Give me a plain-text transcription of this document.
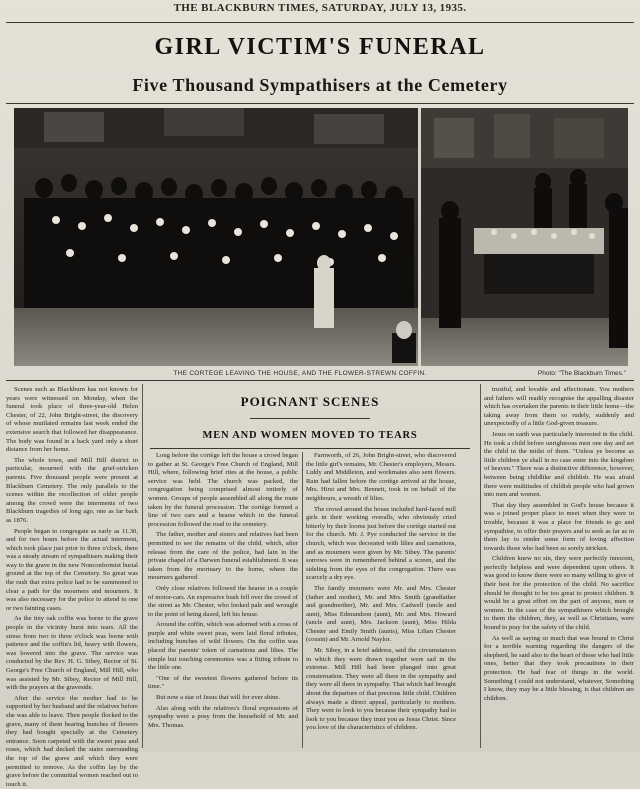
THE BLACKBURN TIMES, SATURDAY, JULY 13, 1935.
GIRL VICTIM'S FUNERAL
Five Thousand Sympathisers at the Cemetery
THE CORTEGE LEAVING THE HOUSE, AND THE FLOWER-STREWN COFFIN.	Photo: "The Blackburn Times."

Scenes such as Blackburn has not known for years were witnessed on Monday, when the funeral took place of three-year-old Helen Chester, of 22, John Bright-street, the discovery of whose mutilated remains last week ended the extensive search that followed her disappearance. The body was found in a back yard only a short distance from her home.

The whole town, and Mill Hill district in particular, mourned with the grief-stricken parents. Five thousand people were present at Blackburn Cemetery. The only parallels to the scenes within the recollection of older people among the crowd were the interments of two Blackburn tragedies of long ago, one as far back as 1876.

People began to congregate as early as 11.30, and for two hours before the actual interment, which took place just prior to three o'clock, there was a steady stream of sympathisers making their way to the grave in the new Nonconformist burial ground at the top of the Cemetery. So great was the rush that extra police had to be summoned to clear a path for the mourners and mourners. It was also necessary for the police to attend to one or two fainting cases.

As the tiny oak coffin was borne to the grave people in the vicinity burst into tears. All the stress from two to three o'clock was borne with patience and the coffin's lid, heavy with flowers, was lowered into the grave. The service was conducted by the Rev. H. G. Sibey, Rector of St. George's Free Church of England, Mill Hill, who was assisted by Mr. Sibey, Rector of Mill Hill, with the prayers at the graveside.

After the service the mother had to be supported by her husband and the relatives before she was able to leave. Then people flocked to the grave, many of them bearing bunches of flowers they had bought specially at the Cemetery entrance. Soon carpeted with the sweet peas and roses, which had decked the stairs surrounding the top of the grave and which they were permitted to remove. As the coffin lay by the grave before the committal women reached out to touch it.

POIGNANT SCENES
MEN AND WOMEN MOVED TO TEARS

Long before the cortège left the house a crowd began to gather at St. George's Free Church of England, Mill Hill, where, following brief rites at the house, a public service was held. The church was packed, the congregation being comprised almost entirely of women. Groups of people assembled all along the route taken by the funeral procession. The cortège formed a line of two cars and a hearse which in the funeral procession followed the road to the cemetery.

The father, mother and sisters and relatives had been permitted to see the remains of the child, which, after release from the care of the police, had lain in the private chapel of a Darwen funeral establishment. It was taken from the mortuary to the home, where the mourners gathered.

Only close relatives followed the hearse in a couple of motor-cars. An expressive hush fell over the crowd of the street as Mr. Chester, who looked pale and wrought to the point of being dazed, left his house.

Around the coffin, which was adorned with a cross of purple and white sweet peas, were laid floral tributes, including bunches of wild flowers. On the coffin was placed the parents' token of carnations and lilies. The simple but touching ceremonies was a fitting tribute to the little one.

"One of the sweetest flowers gathered before its time."

But now a star of Jesus that will for ever shine.

Also along with the relatives's floral expressions of sympathy were a posy from the household of Mr. and Mrs. Thomas.

Farnworth, of 26, John Bright-street, who discovered the little girl's remains, Mr. Chester's employers, Messrs. Liddy and Middleton, and workmates also sent flowers. Rain had fallen before the cortège arrived at the house, Mrs. Hirst and Mrs. Bennett, took in on behalf of the neighbours, a wreath of lilies.

The crowd around the house included hard-faced mill girls in their working overalls, who obviously cried bitterly by their looms just before the cortège started out for the church. Mr. J. Pye conducted the service in the church, which was decorated with lilies and carnations, and as mourners were given by Mr. Sibey. The parents' sorrows were in remembered behind a screen, and the sideling from the eyes of the congregation. There was scarcely a dry eye.

The family mourners were Mr. and Mrs. Chester (father and mother), Mr. and Mrs. Smith (grandfather and grandmother), Mr. and Mrs. Cadwell (uncle and aunt), Miss Edmundson (aunt), Mr. and Mrs. Howard (uncle and aunt), Mrs. Jackson (aunt), Miss Hilda Chester and Emily Smith (aunts), Miss Lilian Chester (cousin) and Mr. Arnold Naylor.

Mr. Sibey, in a brief address, said the circumstances in which they were drawn together were sad in the extreme. Mill Hill had been plunged into great consternation. They were all there in the sympathy and they were all there in sympathy. That which had brought about the departure of that precious little child. Children always made a direct appeal, particularly to mothers. They were to look to you because their sympathy had to look to you because they trust you as Jesus Christ. Since you love of the characteristics of children.

trustful, and lovable and affectionate. You mothers and fathers will readily recognise the appalling disaster which has overtaken the parents in their little home—the taking away from them so rudely, suddenly and unexpectedly of a little God-given treasure.

Jesus on earth was particularly interested in the child. He took a child before unrighteous men one day and set the child in the midst of them. "Unless ye become as little children ye shall in no case enter into the kingdom of heaven." There was a distinctive difference, however, between being childlike and childish. He was afraid there were multitudes of childish people who had grown into men and women.

That day they assembled in God's house because it was a joined proper place to meet when they were in trouble, because it was a place for friends to go and sympathise, to offer their prayers and to seek as far as in them lay to render some form of loving affection towards those who had been so sorely stricken.

Children knew no sin, they were perfectly innocent, perfectly helpless and were dependent upon others. It was good to know there were so many willing to give of their best for the protection of the child. No sacrifice should be thought to be too great to protect children. It would be a great effort on the part of anyone, men or women. In the case of the sympathisers which brought to them the children, they, as well as Christians, were bound to pray for the safety of the child.

As well as saying so much that was bound to Christ for a terrible warning regarding the dangers of the shepherd, he said also to the heart of those who had little ones, better that they took precautions in their protection. He had fear of things in the world. Something I could not understand, whatever, Something I know, they may be a little blessing, is that children are children.
